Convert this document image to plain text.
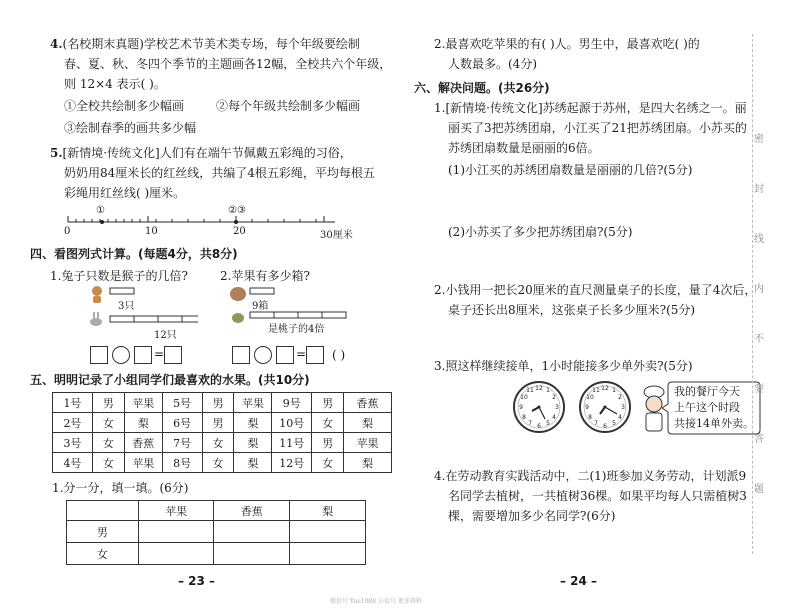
4.(名校期末真题)学校艺术节美术类专场，每个年级要绘制
春、夏、秋、冬四个季节的主题画各12幅，全校共六个年级，
则 12×4 表示( )。
①全校共绘制多少幅画	②每个年级共绘制多少幅画
③绘制春季的画共多少幅
5.[新情境·传统文化]人们有在端午节佩戴五彩绳的习俗，
奶奶用84厘米长的红丝线，共编了4根五彩绳，平均每根五
彩绳用红丝线( )厘米。
①	②③
0	10	20	30厘米
四、看图列式计算。(每题4分，共8分)
1.兔子只数是猴子的几倍?	2.苹果有多少箱?
3只
12只
9箱
是桃子的4倍
=	= ( )
五、明明记录了小组同学们最喜欢的水果。(共10分)
1号	男	苹果	5号	男	苹果	9号	男	香蕉
2号	女	梨	6号	男	梨	10号	女	梨
3号	女	香蕉	7号	女	梨	11号	男	苹果
4号	女	苹果	8号	女	梨	12号	女	梨
1.分一分，填一填。(6分)
	苹果	香蕉	梨
男			
女			
– 23 –
2.最喜欢吃苹果的有( )人。男生中，最喜欢吃( )的
人数最多。(4分)
六、解决问题。(共26分)
1.[新情境·传统文化]苏绣起源于苏州，是四大名绣之一。丽
丽买了3把苏绣团扇，小江买了21把苏绣团扇。小苏买的
苏绣团扇数量是丽丽的6倍。
(1)小江买的苏绣团扇数量是丽丽的几倍?(5分)
(2)小苏买了多少把苏绣团扇?(5分)
2.小钱用一把长20厘米的直尺测量桌子的长度，量了4次后，
桌子还长出8厘米，这张桌子长多少厘米?(5分)
3.照这样继续接单，1小时能接多少单外卖?(5分)
12
3
6
9
1
2
4
5
7
8
10
11	12
3
6
9
1
2
4
5
7
8
10
11	我的餐厅今天
上午这个时段
共接14单外卖。
4.在劳动教育实践活动中，二(1)班参加义务劳动，计划派9
名同学去植树，一共植树36棵。如果平均每人只需植树3
棵，需要增加多少名同学?(6分)
密
封
线
内
不
要
答
题
– 24 –
微信号 Yue1088 公众号 更多资料
